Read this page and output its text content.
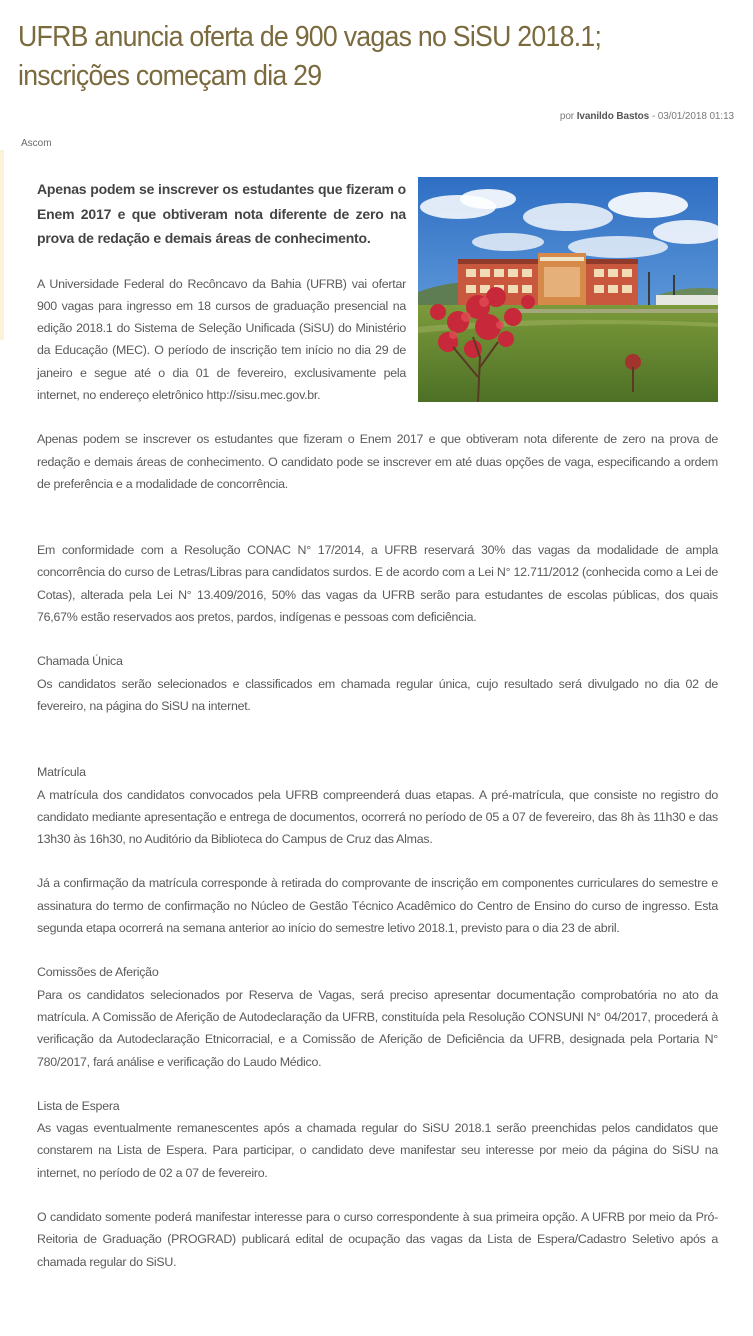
UFRB anuncia oferta de 900 vagas no SiSU 2018.1; inscrições começam dia 29
por Ivanildo Bastos - 03/01/2018 01:13
Ascom

Apenas podem se inscrever os estudantes que fizeram o Enem 2017 e que obtiveram nota diferente de zero na prova de redação e demais áreas de conhecimento.

A Universidade Federal do Recôncavo da Bahia (UFRB) vai ofertar 900 vagas para ingresso em 18 cursos de graduação presencial na edição 2018.1 do Sistema de Seleção Unificada (SiSU) do Ministério da Educação (MEC). O período de inscrição tem início no dia 29 de janeiro e segue até o dia 01 de fevereiro, exclusivamente pela internet, no endereço eletrônico http://sisu.mec.gov.br.

Apenas podem se inscrever os estudantes que fizeram o Enem 2017 e que obtiveram nota diferente de zero na prova de redação e demais áreas de conhecimento. O candidato pode se inscrever em até duas opções de vaga, especificando a ordem de preferência e a modalidade de concorrência.

Em conformidade com a Resolução CONAC N° 17/2014, a UFRB reservará 30% das vagas da modalidade de ampla concorrência do curso de Letras/Libras para candidatos surdos. E de acordo com a Lei N° 12.711/2012 (conhecida como a Lei de Cotas), alterada pela Lei N° 13.409/2016, 50% das vagas da UFRB serão para estudantes de escolas públicas, dos quais 76,67% estão reservados aos pretos, pardos, indígenas e pessoas com deficiência.

Chamada Única

Os candidatos serão selecionados e classificados em chamada regular única, cujo resultado será divulgado no dia 02 de fevereiro, na página do SiSU na internet.

Matrícula

A matrícula dos candidatos convocados pela UFRB compreenderá duas etapas. A pré-matrícula, que consiste no registro do candidato mediante apresentação e entrega de documentos, ocorrerá no período de 05 a 07 de fevereiro, das 8h às 11h30 e das 13h30 às 16h30, no Auditório da Biblioteca do Campus de Cruz das Almas.

Já a confirmação da matrícula corresponde à retirada do comprovante de inscrição em componentes curriculares do semestre e assinatura do termo de confirmação no Núcleo de Gestão Técnico Acadêmico do Centro de Ensino do curso de ingresso. Esta segunda etapa ocorrerá na semana anterior ao início do semestre letivo 2018.1, previsto para o dia 23 de abril.

Comissões de Aferição

Para os candidatos selecionados por Reserva de Vagas, será preciso apresentar documentação comprobatória no ato da matrícula. A Comissão de Aferição de Autodeclaração da UFRB, constituída pela Resolução CONSUNI N° 04/2017, procederá à verificação da Autodeclaração Etnicorracial, e a Comissão de Aferição de Deficiência da UFRB, designada pela Portaria N° 780/2017, fará análise e verificação do Laudo Médico.

Lista de Espera

As vagas eventualmente remanescentes após a chamada regular do SiSU 2018.1 serão preenchidas pelos candidatos que constarem na Lista de Espera. Para participar, o candidato deve manifestar seu interesse por meio da página do SiSU na internet, no período de 02 a 07 de fevereiro.

O candidato somente poderá manifestar interesse para o curso correspondente à sua primeira opção. A UFRB por meio da Pró-Reitoria de Graduação (PROGRAD) publicará edital de ocupação das vagas da Lista de Espera/Cadastro Seletivo após a chamada regular do SiSU.
